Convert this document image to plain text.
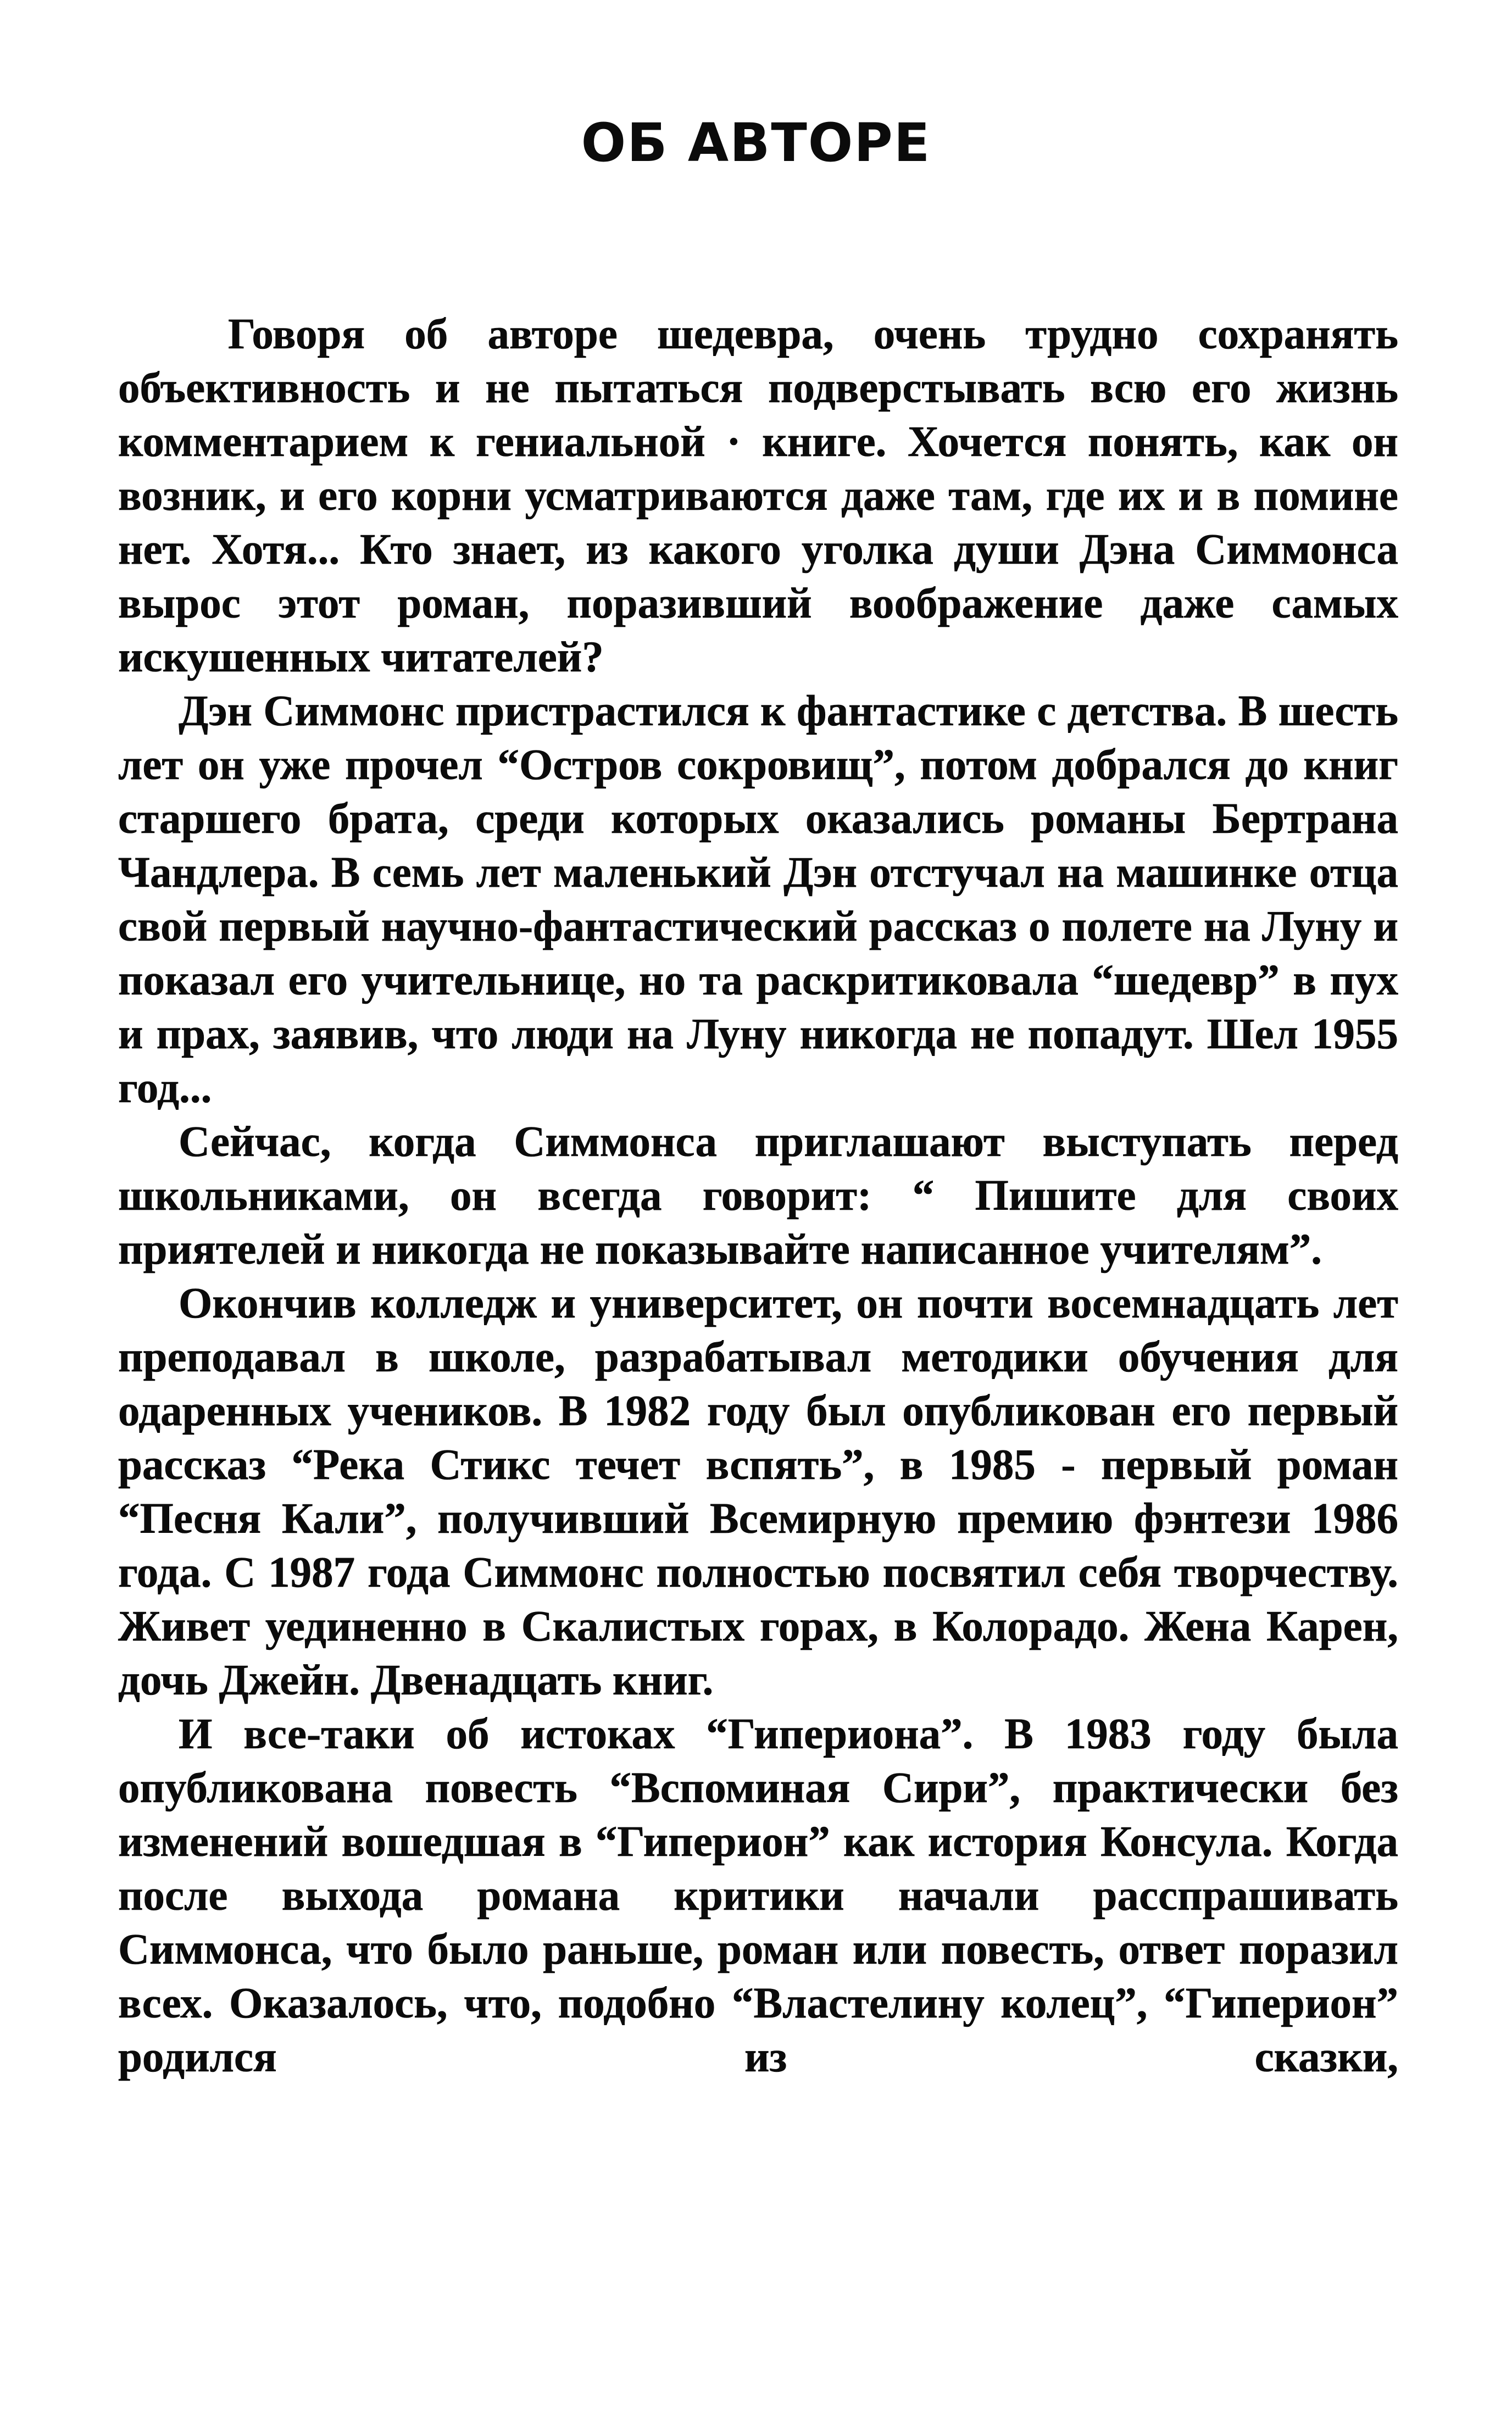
ОБ АВТОРЕ

Говоря об авторе шедевра, очень трудно сохранять объективность и не пытаться подверстывать всю его жизнь комментарием к гениальной · книге. Хочется понять, как он возник, и его корни усматриваются даже там, где их и в помине нет. Хотя... Кто знает, из какого уголка души Дэна Симмонса вырос этот роман, поразивший воображение даже самых искушенных читателей?

Дэн Симмонс пристрастился к фантастике с детства. В шесть лет он уже прочел “Остров сокровищ”, потом добрался до книг старшего брата, среди которых оказались романы Бертрана Чандлера. В семь лет маленький Дэн отстучал на машинке отца свой первый научно-фантастический рассказ о полете на Луну и показал его учительнице, но та раскритиковала “шедевр” в пух и прах, заявив, что люди на Луну никогда не попадут. Шел 1955 год...

Сейчас, когда Симмонса приглашают выступать перед школьниками, он всегда говорит: “ Пишите для своих приятелей и никогда не показывайте написанное учителям”.

Окончив колледж и университет, он почти восемнадцать лет преподавал в школе, разрабатывал методики обучения для одаренных учеников. В 1982 году был опубликован его первый рассказ “Река Стикс течет вспять”, в 1985 - первый роман “Песня Кали”, получивший Всемирную премию фэнтези 1986 года. С 1987 года Симмонс полностью посвятил себя творчеству. Живет уединенно в Скалистых горах, в Колорадо. Жена Карен, дочь Джейн. Двенадцать книг.

И все-таки об истоках “Гипериона”. В 1983 году была опубликована повесть “Вспоминая Сири”, практически без изменений вошедшая в “Гиперион” как история Консула. Когда после выхода романа критики начали расспрашивать Симмонса, что было раньше, роман или повесть, ответ поразил всех. Оказалось, что, подобно “Властелину колец”, “Гиперион” родился из сказки,
